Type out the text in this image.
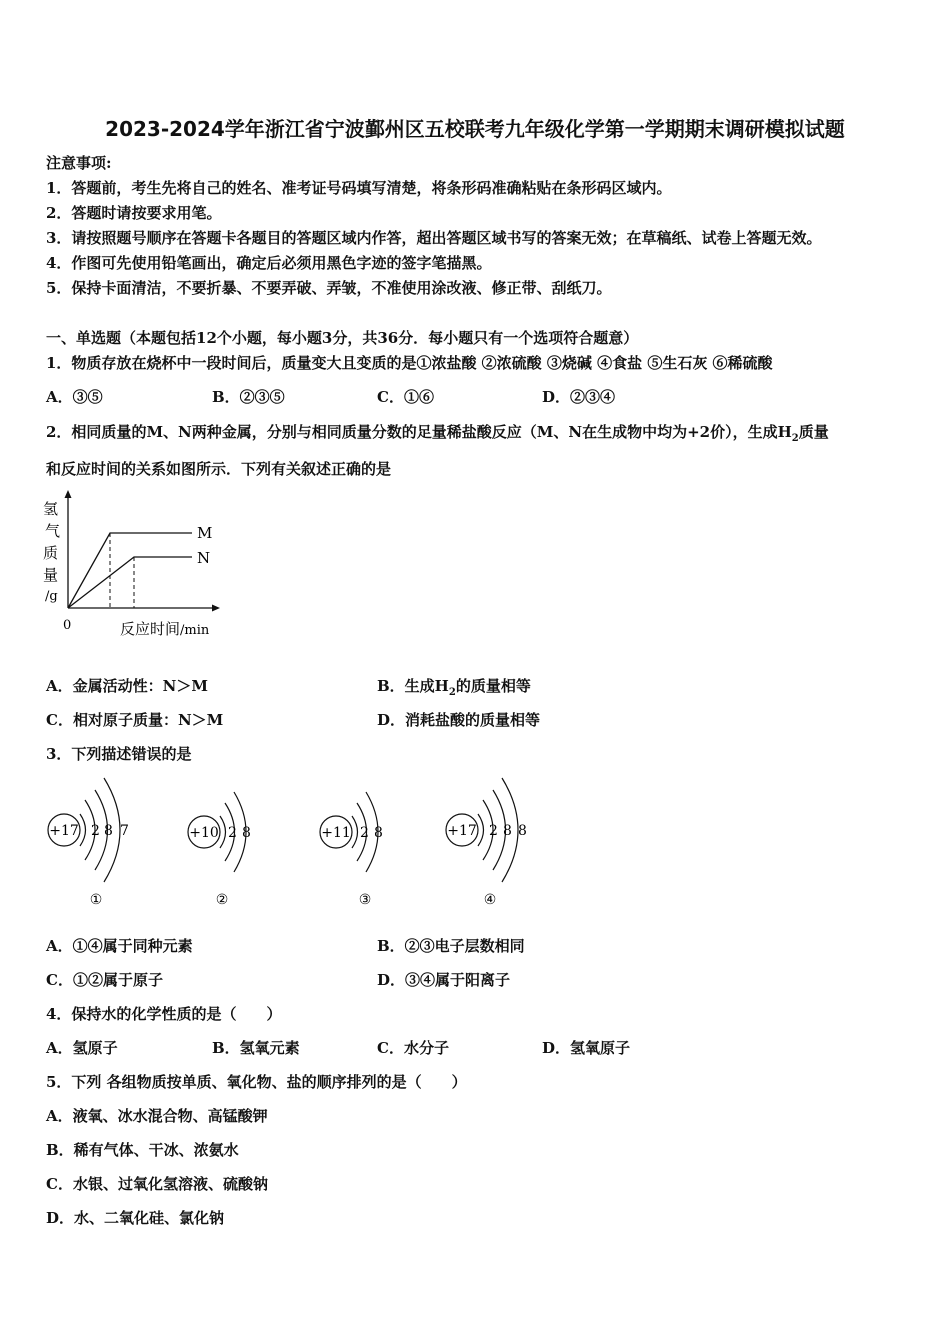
2023-2024学年浙江省宁波鄞州区五校联考九年级化学第一学期期末调研模拟试题
注意事项:
1．答题前，考生先将自己的姓名、准考证号码填写清楚，将条形码准确粘贴在条形码区域内。
2．答题时请按要求用笔。
3．请按照题号顺序在答题卡各题目的答题区域内作答，超出答题区域书写的答案无效；在草稿纸、试卷上答题无效。
4．作图可先使用铅笔画出，确定后必须用黑色字迹的签字笔描黑。
5．保持卡面清洁，不要折暴、不要弄破、弄皱，不准使用涂改液、修正带、刮纸刀。
一、单选题（本题包括12个小题，每小题3分，共36分．每小题只有一个选项符合题意）
1．物质存放在烧杯中一段时间后，质量变大且变质的是①浓盐酸 ②浓硫酸 ③烧碱 ④食盐 ⑤生石灰 ⑥稀硫酸
A．③⑤	B．②③⑤	C．①⑥	D．②③④
2．相同质量的M、N两种金属，分别与相同质量分数的足量稀盐酸反应（M、N在生成物中均为+2价），生成$H_2$质量
和反应时间的关系如图所示．下列有关叙述正确的是
M
N
氢
气
质
量
/g
0	反应时间/min
A．金属活动性：N＞M	B．生成$H_2$的质量相等
C．相对原子质量：N＞M	D．消耗盐酸的质量相等
3．下列描述错误的是
+17 2 8 7
①
+10 2 8
②
+11 2 8
③
+17 2 8 8
④
A．①④属于同种元素	B．②③电子层数相同
C．①②属于原子	D．③④属于阳离子
4．保持水的化学性质的是（　　）
A．氢原子	B．氢氧元素	C．水分子	D．氢氧原子
5．下列 各组物质按单质、氧化物、盐的顺序排列的是（　　）
A．液氧、冰水混合物、高锰酸钾
B．稀有气体、干冰、浓氨水
C．水银、过氧化氢溶液、硫酸钠
D．水、二氧化硅、氯化钠
